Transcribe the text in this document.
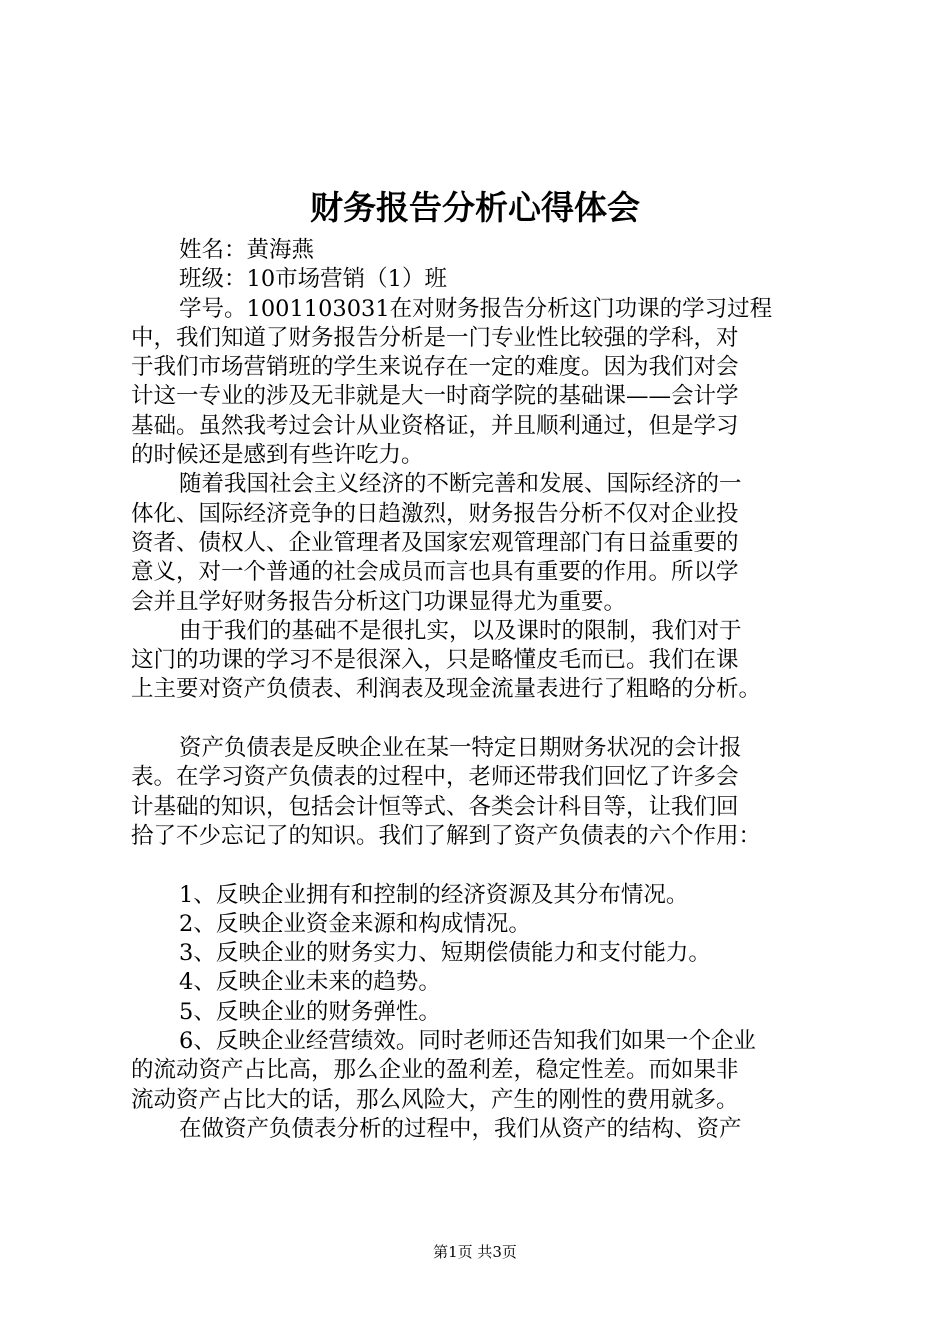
财务报告分析心得体会
姓名：黄海燕
班级：10市场营销（1）班
学号。1001103031在对财务报告分析这门功课的学习过程
中，我们知道了财务报告分析是一门专业性比较强的学科，对
于我们市场营销班的学生来说存在一定的难度。因为我们对会
计这一专业的涉及无非就是大一时商学院的基础课——会计学
基础。虽然我考过会计从业资格证，并且顺利通过，但是学习
的时候还是感到有些许吃力。
随着我国社会主义经济的不断完善和发展、国际经济的一
体化、国际经济竞争的日趋激烈，财务报告分析不仅对企业投
资者、债权人、企业管理者及国家宏观管理部门有日益重要的
意义，对一个普通的社会成员而言也具有重要的作用。所以学
会并且学好财务报告分析这门功课显得尤为重要。
由于我们的基础不是很扎实，以及课时的限制，我们对于
这门的功课的学习不是很深入，只是略懂皮毛而已。我们在课
上主要对资产负债表、利润表及现金流量表进行了粗略的分析。
资产负债表是反映企业在某一特定日期财务状况的会计报
表。在学习资产负债表的过程中，老师还带我们回忆了许多会
计基础的知识，包括会计恒等式、各类会计科目等，让我们回
拾了不少忘记了的知识。我们了解到了资产负债表的六个作用：
1、反映企业拥有和控制的经济资源及其分布情况。
2、反映企业资金来源和构成情况。
3、反映企业的财务实力、短期偿债能力和支付能力。
4、反映企业未来的趋势。
5、反映企业的财务弹性。
6、反映企业经营绩效。同时老师还告知我们如果一个企业
的流动资产占比高，那么企业的盈利差，稳定性差。而如果非
流动资产占比大的话，那么风险大，产生的刚性的费用就多。
在做资产负债表分析的过程中，我们从资产的结构、资产
第1页 共3页
